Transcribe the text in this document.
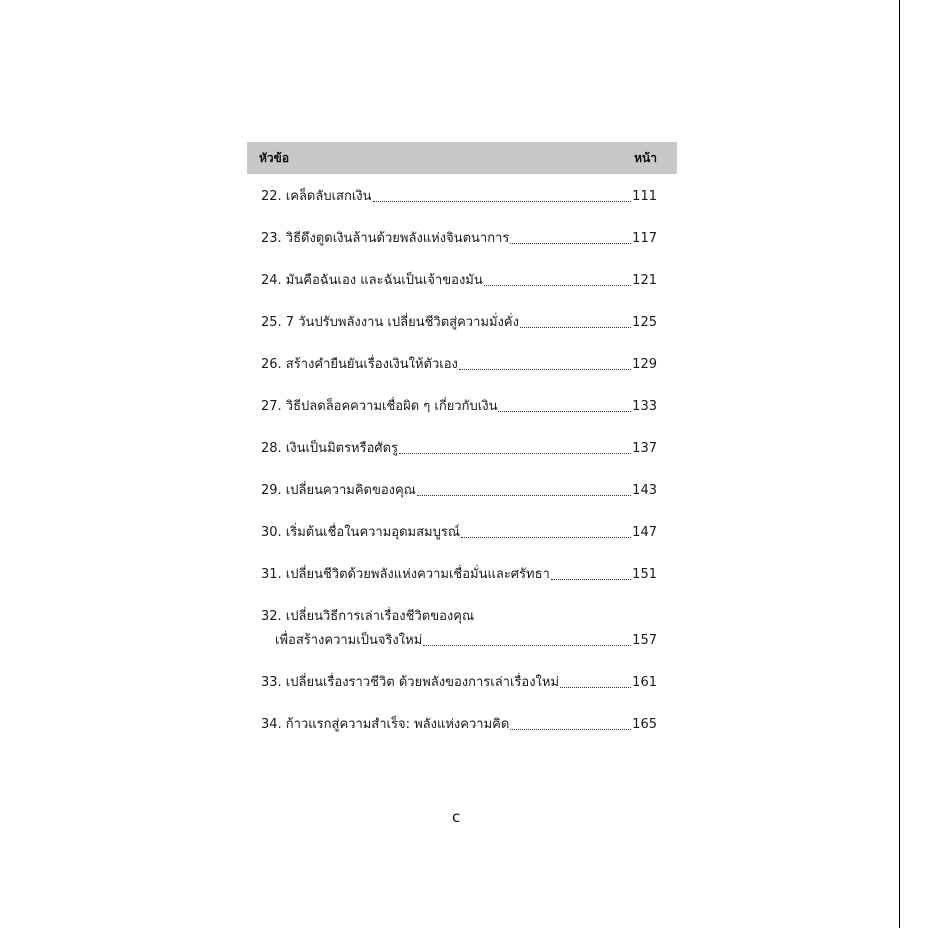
หัวข้อ	หน้า
22. เคล็ดลับเสกเงิน	111
23. วิธีดึงดูดเงินล้านด้วยพลังแห่งจินตนาการ	117
24. มันคือฉันเอง และฉันเป็นเจ้าของมัน	121
25. 7 วันปรับพลังงาน เปลี่ยนชีวิตสู่ความมั่งคั่ง	125
26. สร้างคำยืนยันเรื่องเงินให้ตัวเอง	129
27. วิธีปลดล็อคความเชื่อผิด ๆ เกี่ยวกับเงิน	133
28. เงินเป็นมิตรหรือศัตรู	137
29. เปลี่ยนความคิดของคุณ	143
30. เริ่มต้นเชื่อในความอุดมสมบูรณ์	147
31. เปลี่ยนชีวิตด้วยพลังแห่งความเชื่อมั่นและศรัทธา	151
32. เปลี่ยนวิธีการเล่าเรื่องชีวิตของคุณ
เพื่อสร้างความเป็นจริงใหม่	157
33. เปลี่ยนเรื่องราวชีวิต ด้วยพลังของการเล่าเรื่องใหม่	161
34. ก้าวแรกสู่ความสำเร็จ: พลังแห่งความคิด	165
c
